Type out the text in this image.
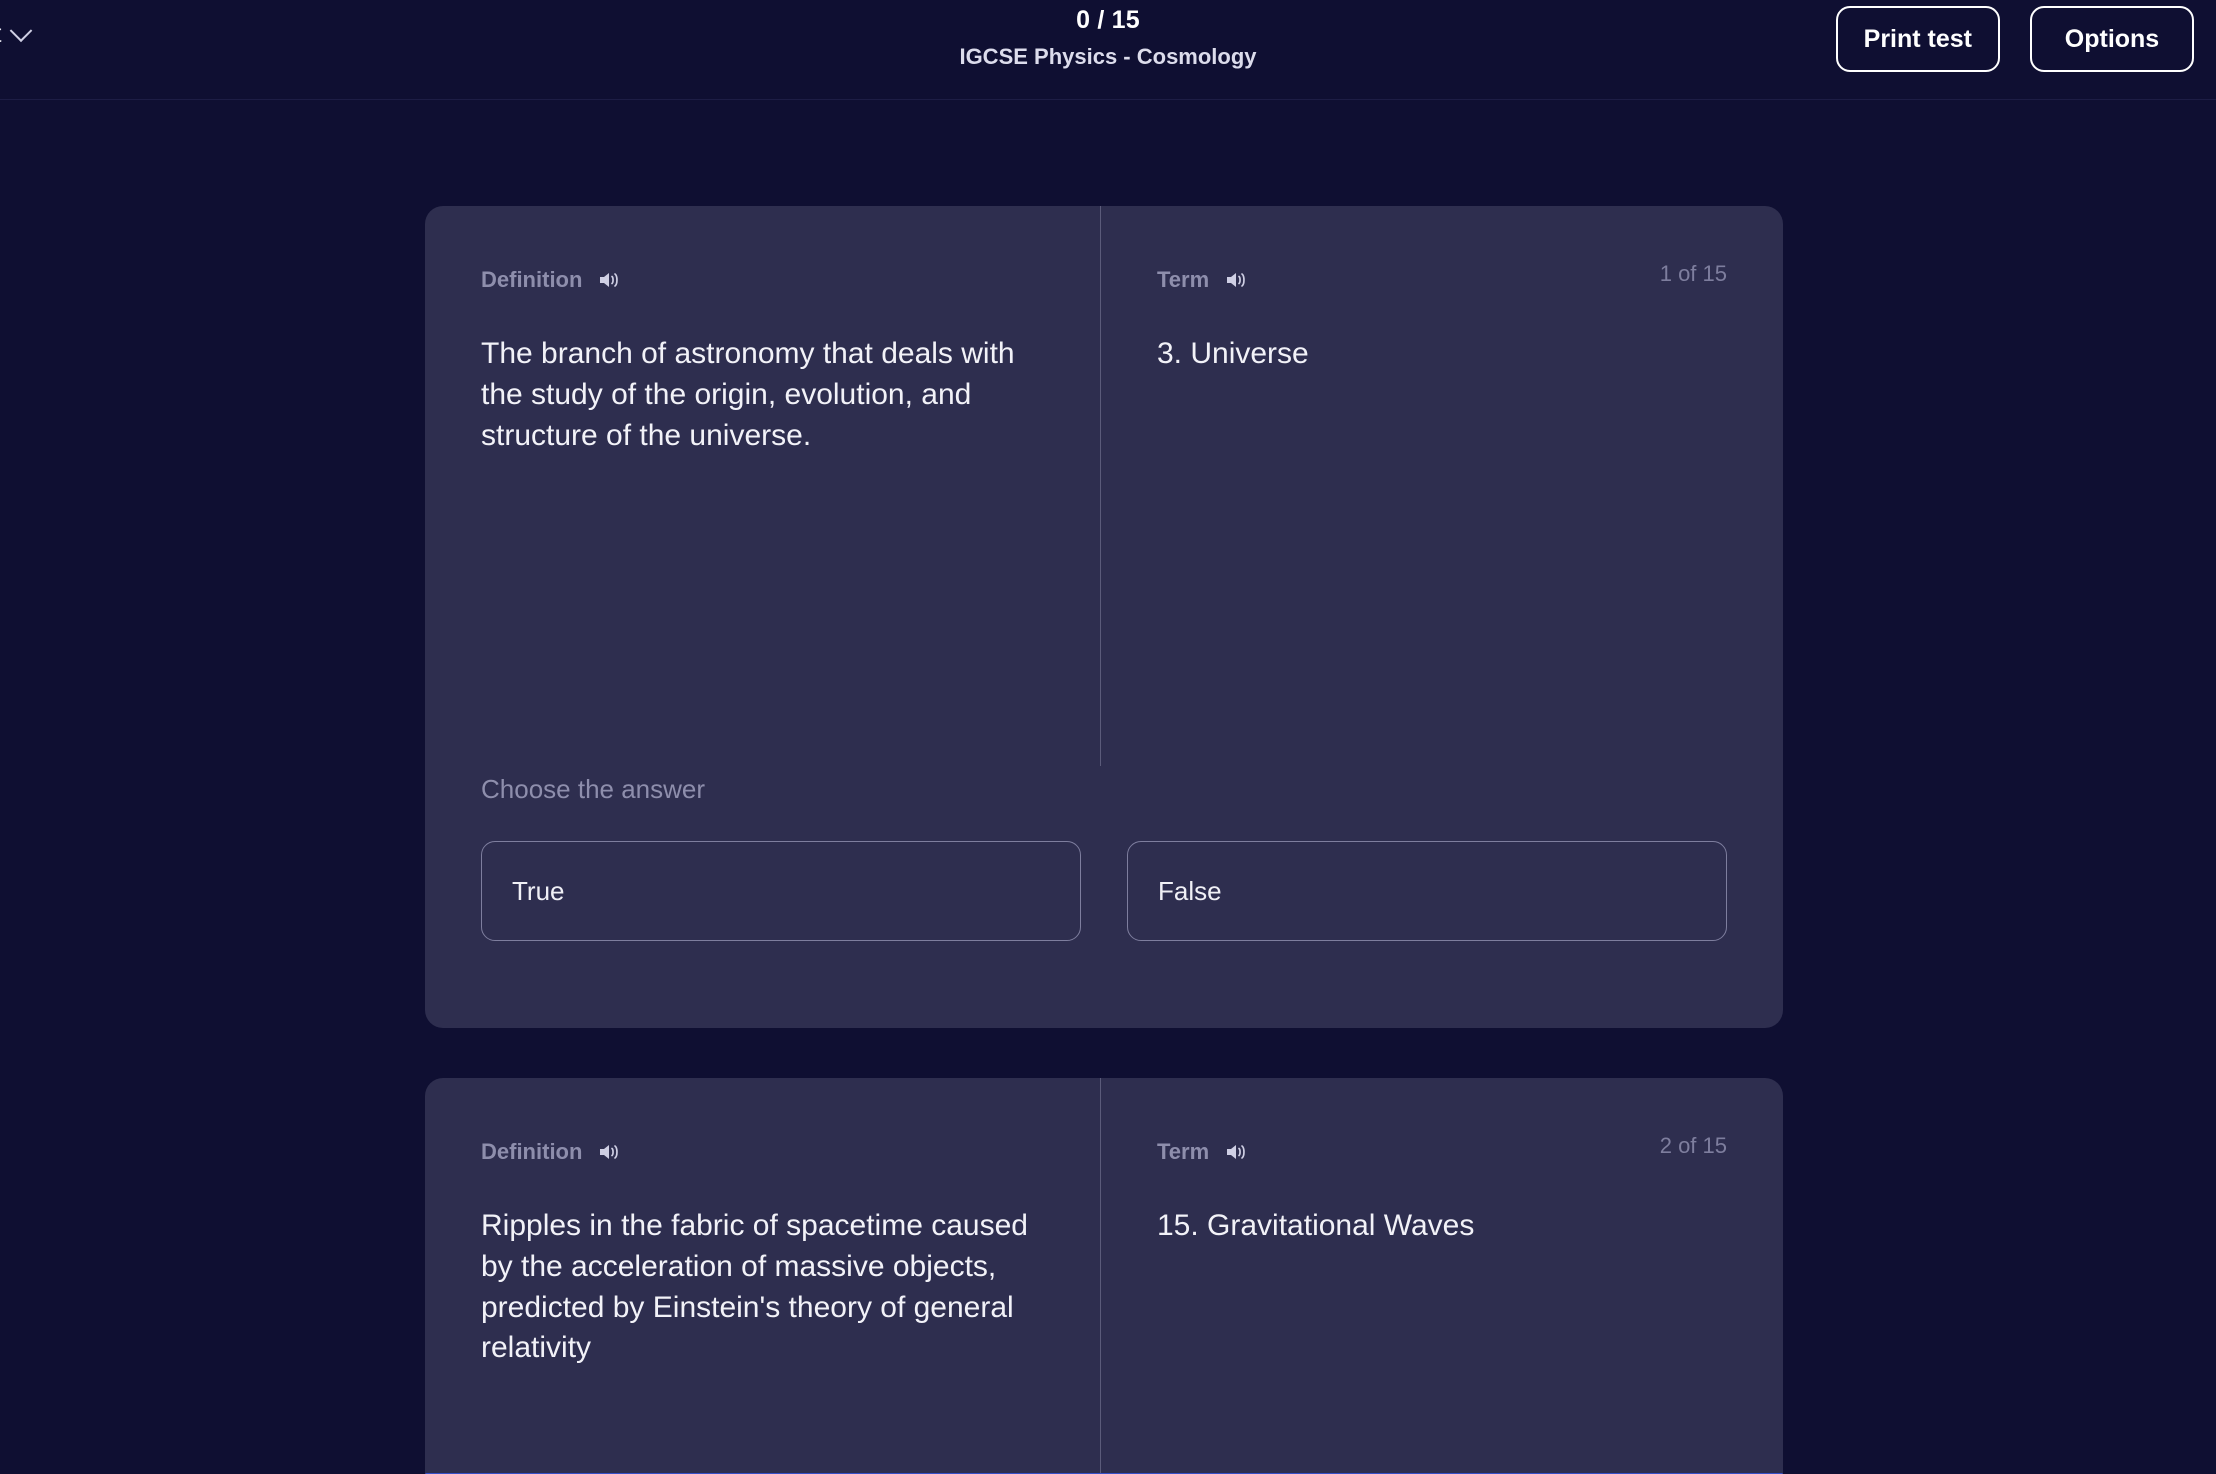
0 / 15
IGCSE Physics - Cosmology
Print test	Options
Definition
The branch of astronomy that deals with the study of the origin, evolution, and structure of the universe.
Term	1 of 15
3. Universe
Choose the answer
True	False
Definition
Ripples in the fabric of spacetime caused by the acceleration of massive objects, predicted by Einstein's theory of general relativity
Term	2 of 15
15. Gravitational Waves
